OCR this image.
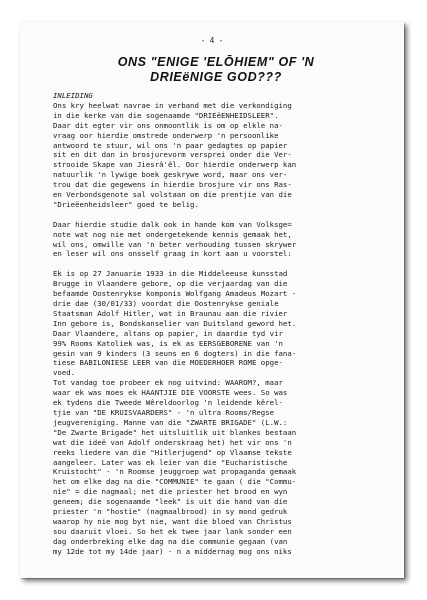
- 4 -
ONS "ENIGE 'ELŌHIEM" OF 'N
DRIEëNIGE GOD???
INLEIDING
Ons kry heelwat navrae in verband met die verkondiging
in die kerke van die sogenaamde "DRIEëENHEIDSLEER".
Daar dit egter vir ons onmoontlik is om op elkle na-
vraag oor hierdie omstrede onderwerp 'n persoonlike
antwoord te stuur, wil ons 'n paar gedagtes op papier
sit en dit dan in brosjurevorm versprei onder die Ver-
strooide Skape van Jiesrâ'êl. Oor hierdie onderwerp kan
natuurlik 'n lywige boek geskrywe word, maar ons ver-
trou dat die gegewens in hierdie brosjure vir ons Ras-
en Verbondsgenote sal volstaan om die prentjie van die
"Drieëenheidsleer" goed te belig.
Daar hierdie studie dalk ook in hande kom van Volksge=
note wat nog nie met ondergetekende kennis gemaak het,
wil ons, omwille van 'n beter verhouding tussen skrywer
en leser wil ons onsself graag in kort aan u voorstel:
Ek is op 27 Januarie 1933 in die Middeleeuse kunsstad
Brugge in Vlaandere gebore, op die verjaardag van die
befaamde Oostenrykse komponis Wolfgang Amadeus Mozart -
drie dae (30/01/33) voordat die Oostenrykse geniale
Staatsman Adolf Hitler, wat in Braunau aan die rivier
Inn gebore is, Bondskanselier van Duitsland geword het.
Daar Vlaandere, altans op papier, in daardie tyd vir
99% Rooms Katoliek was, is ek as EERSGEBORENE van 'n
gesin van 9 kinders (3 seuns en 6 dogters) in die fana-
tiese BABILONIESE LEER van die MOEDERHOER ROME opge-
voed.
Tot vandag toe probeer ek nog uitvind: WAAROM?, maar
waar ek was moes ek HAANTJIE DIE VOORSTE wees. So was
ek tydens die Tweede Wêreldoorlog 'n leidende kêrel-
tjie van "DE KRUISVAARDERS" - 'n ultra Rooms/Regse
jeugvereniging. Manne van die "ZWARTE BRIGADE" (L.W.:
"De Zwarte Brigade" het uitsluitlik uit blankes bestaan
wat die ideë van Adolf onderskraag het) het vir ons 'n
reeks liedere van die "Hitlerjugend" op Vlaamse tekste
aangeleer. Later was ek leier van die "Eucharistische
Kruistocht" - 'n Roomse jeuggroep wat propaganda gemaak
het om elke dag na die "COMMUNIE" te gaan ( die "Commu-
nie" = die nagmaal; net die priester het brood en wyn
geneem; die sogenaamde "leek" is uit die hand van die
priester 'n "hostie" (nagmaalbrood) in sy mond gedruk
waarop hy nie mog byt nie, want die bloed van Christus
sou daaruit vloei. So het ek twee jaar lank sonder een
dag onderbreking elke dag na die communie gegaan (van
my 12de tot my 14de jaar) - n a middernag mog ons niks
